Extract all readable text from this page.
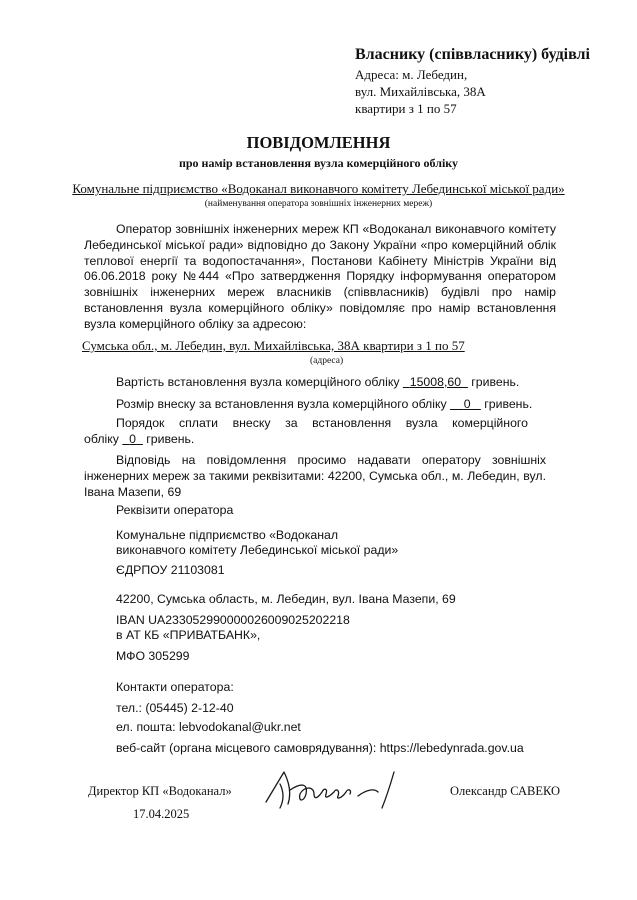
Власнику (співвласнику) будівлі
Адреса: м. Лебедин,
вул. Михайлівська, 38А
квартири з 1 по 57
ПОВІДОМЛЕННЯ
про намір встановлення вузла комерційного обліку
Комунальне підприємство «Водоканал виконавчого комітету Лебединської міської ради»
(найменування оператора зовнішніх інженерних мереж)
Оператор зовнішніх інженерних мереж КП «Водоканал виконавчого комітету Лебединської міської ради» відповідно до Закону України «про комерційний облік теплової енергії та водопостачання», Постанови Кабінету Міністрів України від 06.06.2018 року №444 «Про затвердження Порядку інформування оператором зовнішніх інженерних мереж власників (співвласників) будівлі про намір встановлення вузла комерційного обліку» повідомляє про намір встановлення вузла комерційного обліку за адресою:
Сумська обл., м. Лебедин, вул. Михайлівська, 38А квартири з 1 по 57
(адреса)
Вартість встановлення вузла комерційного обліку   15008,60   гривень.
Розмір внеску за встановлення вузла комерційного обліку     0    гривень.
Порядок сплати внеску за встановлення вузла комерційного
обліку   0   гривень.
Відповідь на повідомлення просимо надавати оператору зовнішніх інженерних мереж за такими реквізитами: 42200, Сумська обл., м. Лебедин, вул. Івана Мазепи, 69
Реквізити оператора
Комунальне підприємство «Водоканал
виконавчого комітету Лебединської міської ради»
ЄДРПОУ 21103081
42200, Сумська область, м. Лебедин, вул. Івана Мазепи, 69
IBAN UA233052990000026009025202218
в АТ КБ «ПРИВАТБАНК»,
МФО 305299
Контакти оператора:
тел.: (05445) 2-12-40
ел. пошта: lebvodokanal@ukr.net
веб-сайт (органа місцевого самоврядування): https://lebedynrada.gov.ua
Директор КП «Водоканал»	Олександр САВЕКО
17.04.2025
